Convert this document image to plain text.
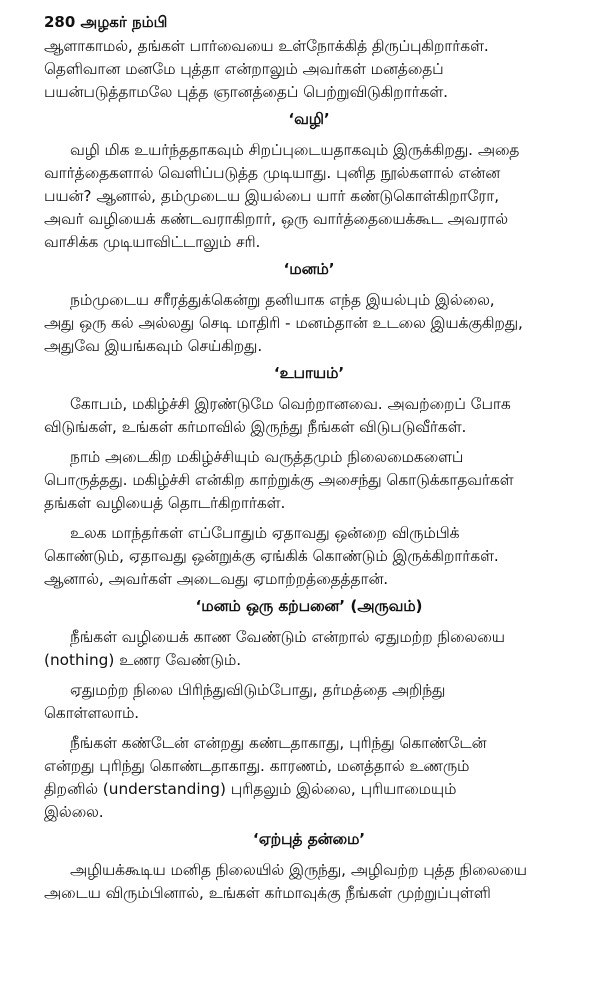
280 அழகர் நம்பி
ஆளாகாமல், தங்கள் பார்வையை உள்நோக்கித் திருப்புகிறார்கள்.
தெளிவான மனமே புத்தா என்றாலும் அவர்கள் மனத்தைப்
பயன்படுத்தாமலே புத்த ஞானத்தைப் பெற்றுவிடுகிறார்கள்.
‘வழி’
வழி மிக உயர்ந்ததாகவும் சிறப்புடையதாகவும் இருக்கிறது. அதை
வார்த்தைகளால் வெளிப்படுத்த முடியாது. புனித நூல்களால் என்ன
பயன்? ஆனால், தம்முடைய இயல்பை யார் கண்டுகொள்கிறாரோ,
அவர் வழியைக் கண்டவராகிறார், ஒரு வார்த்தையைக்கூட அவரால்
வாசிக்க முடியாவிட்டாலும் சரி.
‘மனம்’
நம்முடைய சரீரத்துக்கென்று தனியாக எந்த இயல்பும் இல்லை,
அது ஒரு கல் அல்லது செடி மாதிரி - மனம்தான் உடலை இயக்குகிறது,
அதுவே இயங்கவும் செய்கிறது.
‘உபாயம்’
கோபம், மகிழ்ச்சி இரண்டுமே வெற்றானவை. அவற்றைப் போக
விடுங்கள், உங்கள் கர்மாவில் இருந்து நீங்கள் விடுபடுவீர்கள்.
நாம் அடைகிற மகிழ்ச்சியும் வருத்தமும் நிலைமைகளைப்
பொருத்தது. மகிழ்ச்சி என்கிற காற்றுக்கு அசைந்து கொடுக்காதவர்கள்
தங்கள் வழியைத் தொடர்கிறார்கள்.
உலக மாந்தர்கள் எப்போதும் ஏதாவது ஒன்றை விரும்பிக்
கொண்டும், ஏதாவது ஒன்றுக்கு ஏங்கிக் கொண்டும் இருக்கிறார்கள்.
ஆனால், அவர்கள் அடைவது ஏமாற்றத்தைத்தான்.
‘மனம் ஒரு கற்பனை’ (அருவம்)
நீங்கள் வழியைக் காண வேண்டும் என்றால் ஏதுமற்ற நிலையை
(nothing) உணர வேண்டும்.
ஏதுமற்ற நிலை பிரிந்துவிடும்போது, தர்மத்தை அறிந்து
கொள்ளலாம்.
நீங்கள் கண்டேன் என்றது கண்டதாகாது, புரிந்து கொண்டேன்
என்றது புரிந்து கொண்டதாகாது. காரணம், மனத்தால் உணரும்
திறனில் (understanding) புரிதலும் இல்லை, புரியாமையும்
இல்லை.
‘ஏற்புத் தன்மை’
அழியக்கூடிய மனித நிலையில் இருந்து, அழிவற்ற புத்த நிலையை
அடைய விரும்பினால், உங்கள் கர்மாவுக்கு நீங்கள் முற்றுப்புள்ளி
